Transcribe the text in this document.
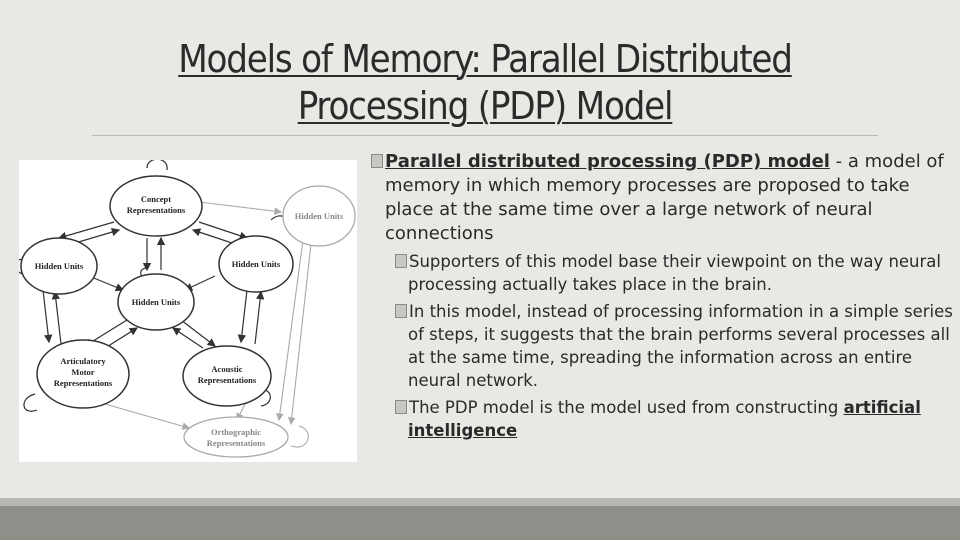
Models of Memory: Parallel Distributed
Processing (PDP) Model
Concept
Representations
Hidden Units	Hidden Units
Hidden Units
Articulatory
Motor
Representations
Acoustic
Representations
Hidden Units
Orthographic
Representations

Parallel distributed processing (PDP) model - a model of memory in which memory processes are proposed to take place at the same time over a large network of neural connections

Supporters of this model base their viewpoint on the way neural processing actually takes place in the brain.

In this model, instead of processing information in a simple series of steps, it suggests that the brain performs several processes all at the same time, spreading the information across an entire neural network.

The PDP model is the model used from constructing artificial intelligence
